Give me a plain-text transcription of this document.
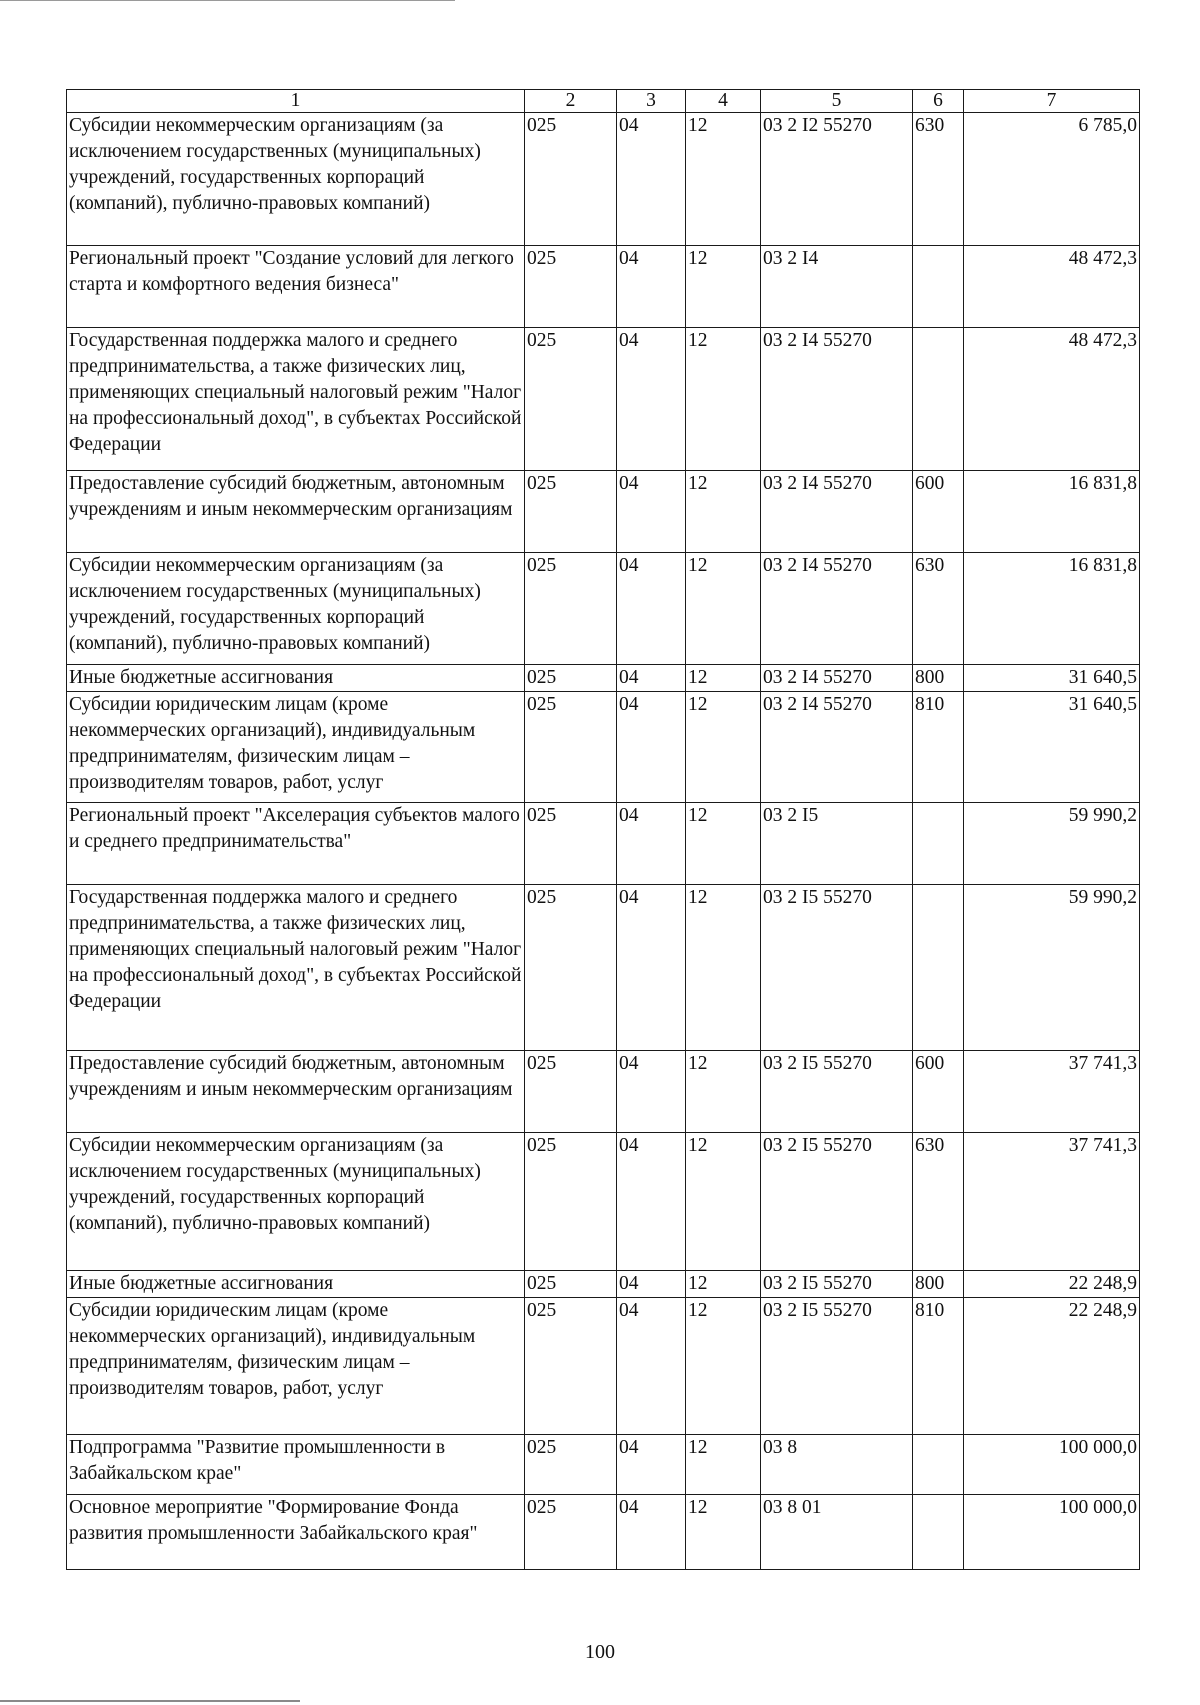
1	2	3	4	5	6	7
Субсидии некоммерческим организациям (за исключением государственных (муниципальных) учреждений, государственных корпораций (компаний), публично-правовых компаний)	025	04	12	03 2 I2 55270	630	6 785,0
Региональный проект "Создание условий для легкого старта и комфортного ведения бизнеса"	025	04	12	03 2 I4		48 472,3
Государственная поддержка малого и среднего предпринимательства, а также физических лиц, применяющих специальный налоговый режим "Налог на профессиональный доход", в субъектах Российской Федерации	025	04	12	03 2 I4 55270		48 472,3
Предоставление субсидий бюджетным, автономным учреждениям и иным некоммерческим организациям	025	04	12	03 2 I4 55270	600	16 831,8
Субсидии некоммерческим организациям (за исключением государственных (муниципальных) учреждений, государственных корпораций (компаний), публично-правовых компаний)	025	04	12	03 2 I4 55270	630	16 831,8
Иные бюджетные ассигнования	025	04	12	03 2 I4 55270	800	31 640,5
Субсидии юридическим лицам (кроме некоммерческих организаций), индивидуальным предпринимателям, физическим лицам – производителям товаров, работ, услуг	025	04	12	03 2 I4 55270	810	31 640,5
Региональный проект "Акселерация субъектов малого и среднего предпринимательства"	025	04	12	03 2 I5		59 990,2
Государственная поддержка малого и среднего предпринимательства, а также физических лиц, применяющих специальный налоговый режим "Налог на профессиональный доход", в субъектах Российской Федерации	025	04	12	03 2 I5 55270		59 990,2
Предоставление субсидий бюджетным, автономным учреждениям и иным некоммерческим организациям	025	04	12	03 2 I5 55270	600	37 741,3
Субсидии некоммерческим организациям (за исключением государственных (муниципальных) учреждений, государственных корпораций (компаний), публично-правовых компаний)	025	04	12	03 2 I5 55270	630	37 741,3
Иные бюджетные ассигнования	025	04	12	03 2 I5 55270	800	22 248,9
Субсидии юридическим лицам (кроме некоммерческих организаций), индивидуальным предпринимателям, физическим лицам – производителям товаров, работ, услуг	025	04	12	03 2 I5 55270	810	22 248,9
Подпрограмма "Развитие промышленности в Забайкальском крае"	025	04	12	03 8		100 000,0
Основное мероприятие "Формирование Фонда развития промышленности Забайкальского края"	025	04	12	03 8 01		100 000,0
100
